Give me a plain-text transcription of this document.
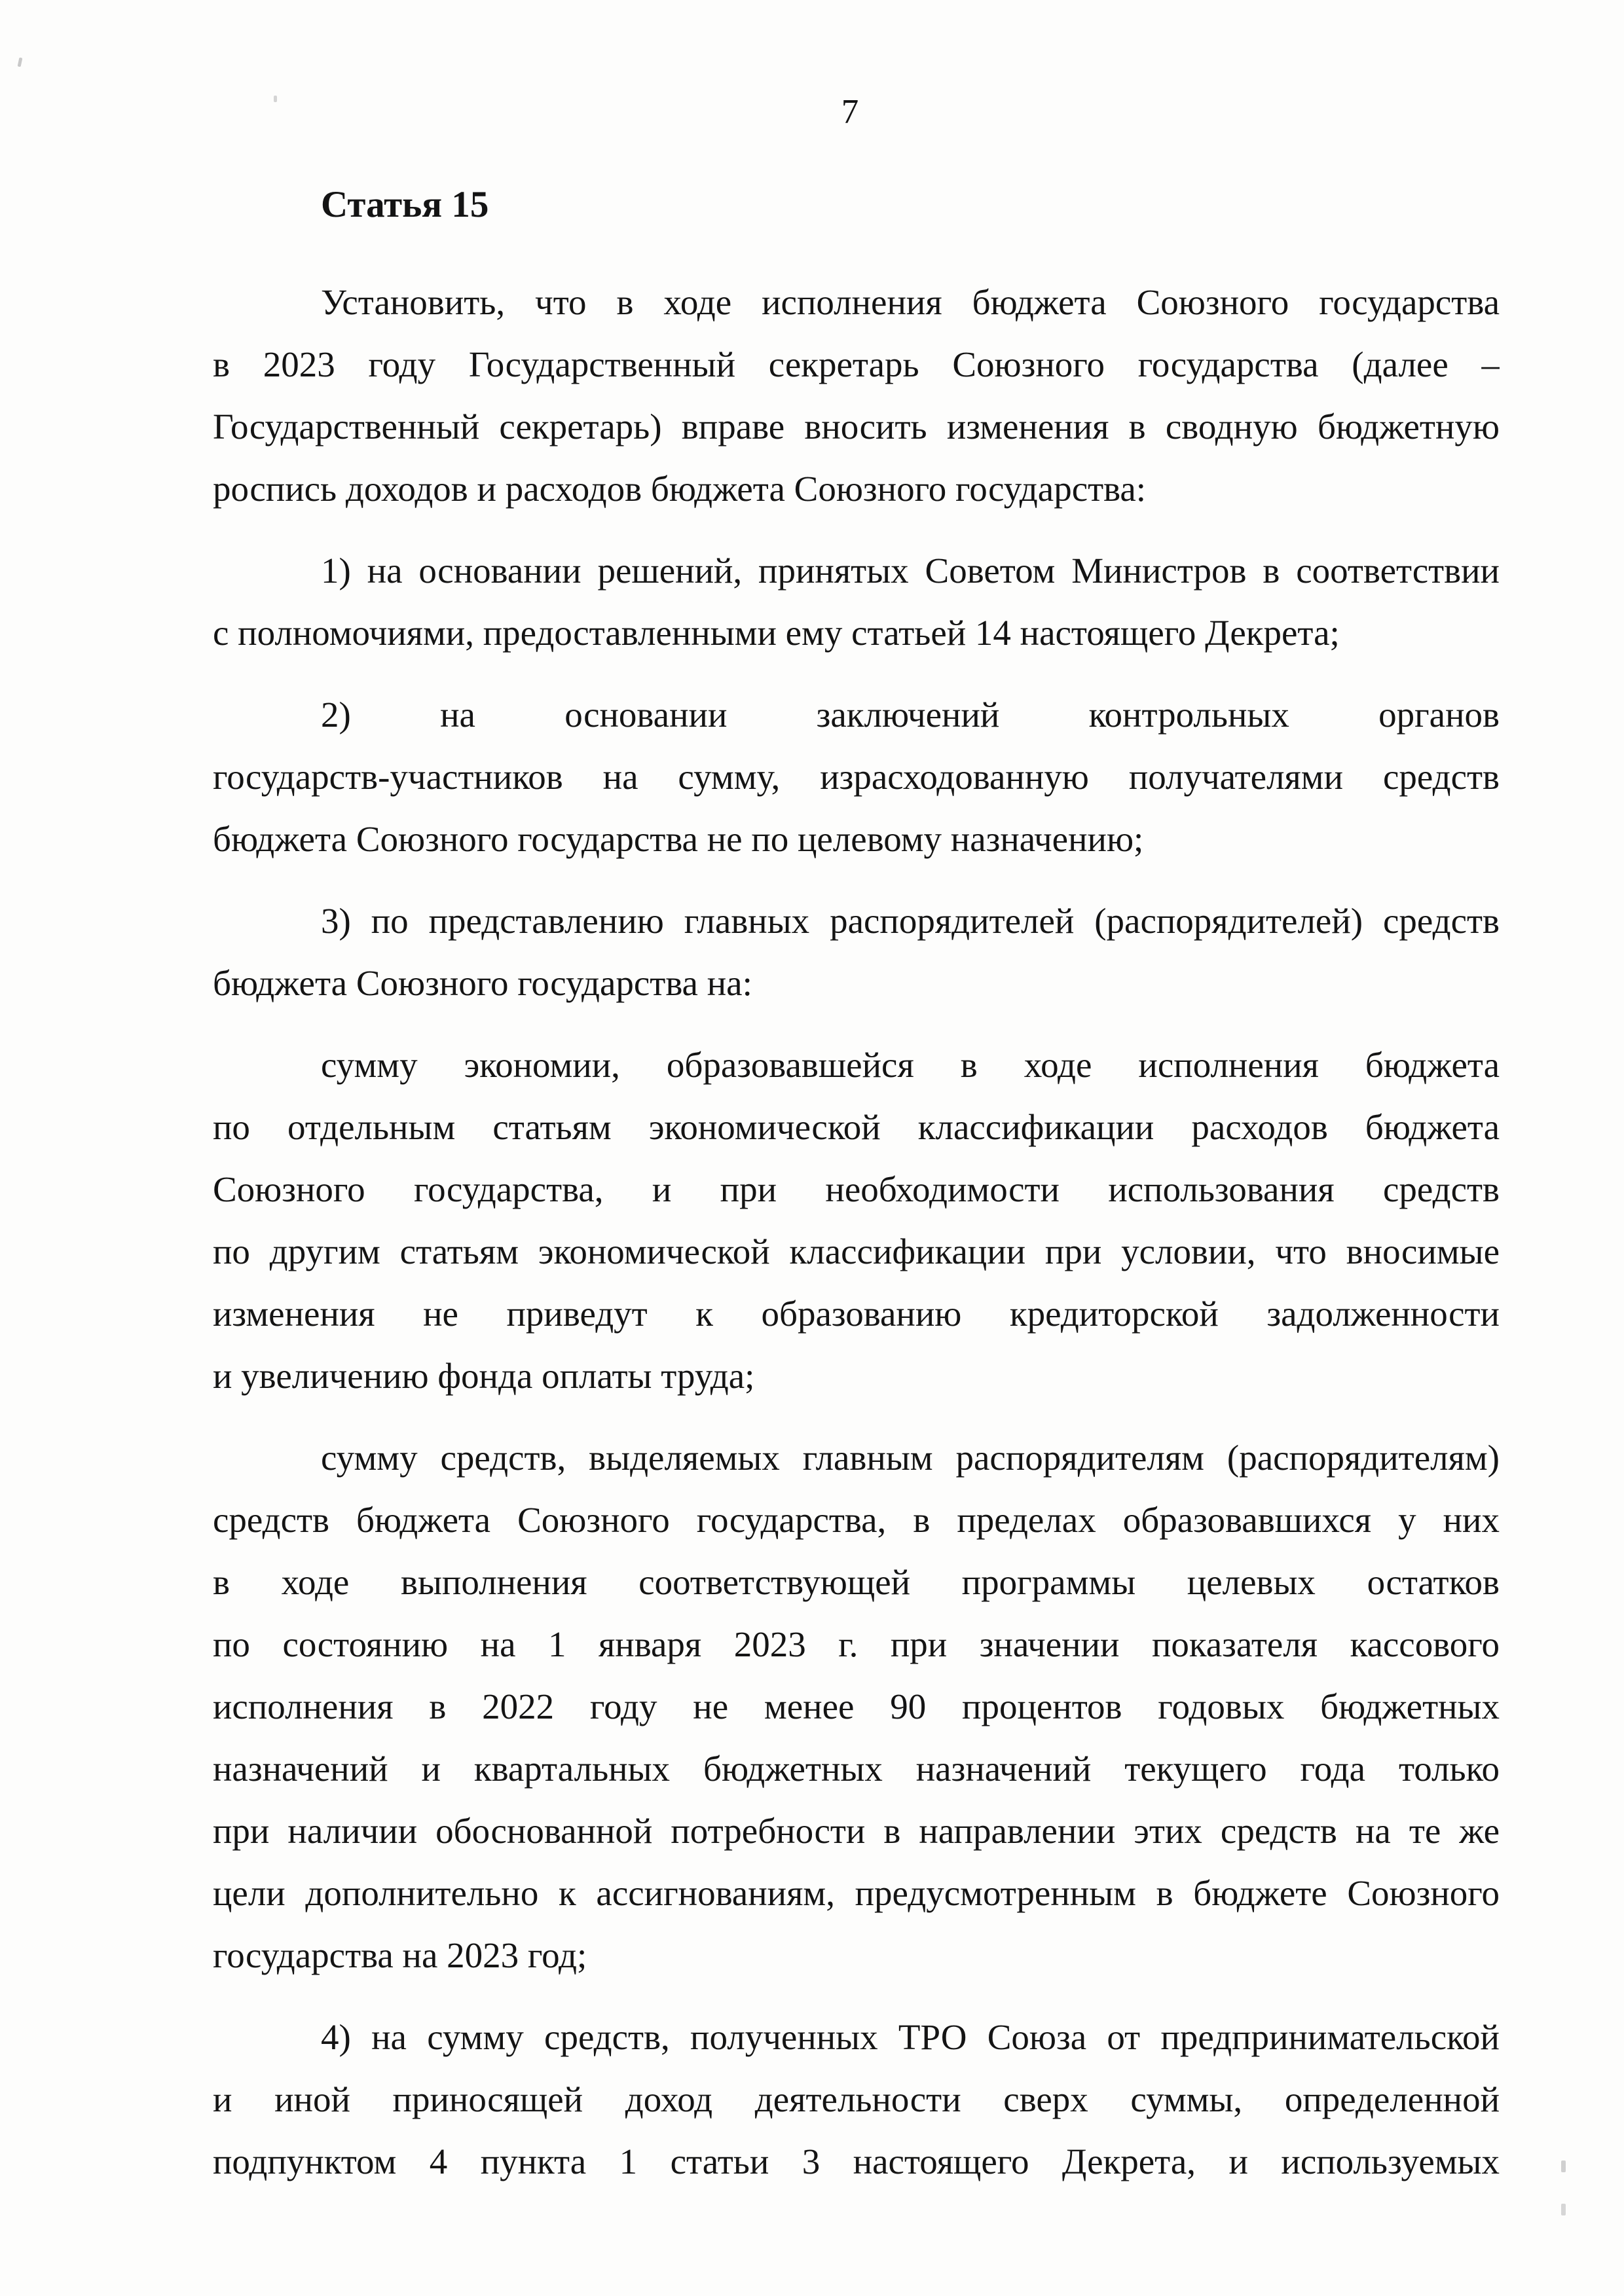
7
Статья 15
Установить, что в ходе исполнения бюджета Союзного государства
в 2023 году Государственный секретарь Союзного государства (далее –
Государственный секретарь) вправе вносить изменения в сводную бюджетную
роспись доходов и расходов бюджета Союзного государства:
1) на основании решений, принятых Советом Министров в соответствии
с полномочиями, предоставленными ему статьей 14 настоящего Декрета;
2) на основании заключений контрольных органов
государств-участников на сумму, израсходованную получателями средств
бюджета Союзного государства не по целевому назначению;
3) по представлению главных распорядителей (распорядителей) средств
бюджета Союзного государства на:
сумму экономии, образовавшейся в ходе исполнения бюджета
по отдельным статьям экономической классификации расходов бюджета
Союзного государства, и при необходимости использования средств
по другим статьям экономической классификации при условии, что вносимые
изменения не приведут к образованию кредиторской задолженности
и увеличению фонда оплаты труда;
сумму средств, выделяемых главным распорядителям (распорядителям)
средств бюджета Союзного государства, в пределах образовавшихся у них
в ходе выполнения соответствующей программы целевых остатков
по состоянию на 1 января 2023 г. при значении показателя кассового
исполнения в 2022 году не менее 90 процентов годовых бюджетных
назначений и квартальных бюджетных назначений текущего года только
при наличии обоснованной потребности в направлении этих средств на те же
цели дополнительно к ассигнованиям, предусмотренным в бюджете Союзного
государства на 2023 год;
4) на сумму средств, полученных ТРО Союза от предпринимательской
и иной приносящей доход деятельности сверх суммы, определенной
подпунктом 4 пункта 1 статьи 3 настоящего Декрета, и используемых
